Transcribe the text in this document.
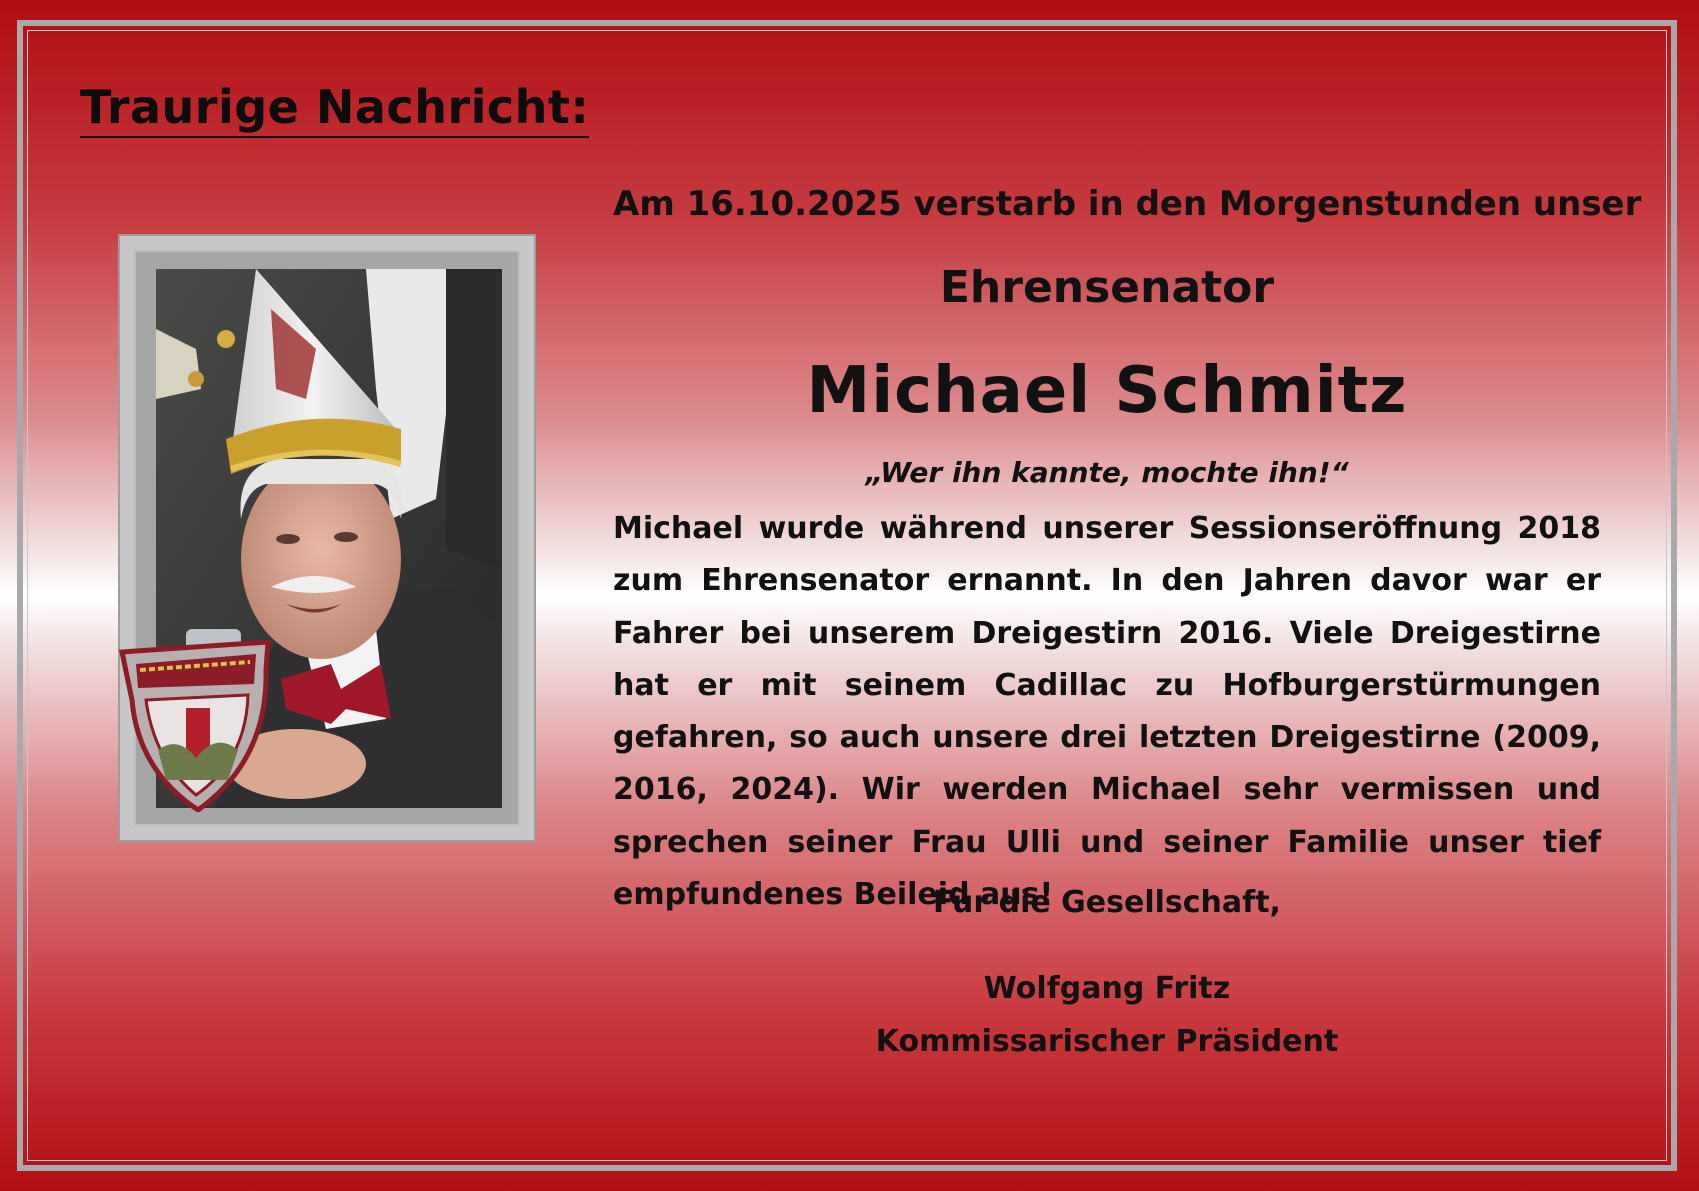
Traurige Nachricht:
Am 16.10.2025 verstarb in den Morgenstunden unser
Ehrensenator
Michael Schmitz
„Wer ihn kannte, mochte ihn!“
Michael wurde während unserer Sessionseröffnung 2018 zum Ehrensenator ernannt. In den Jahren davor war er Fahrer bei unserem Dreigestirn 2016. Viele Dreigestirne hat er mit seinem Cadillac zu Hofburgerstürmungen gefahren, so auch unsere drei letzten Dreigestirne (2009, 2016, 2024). Wir werden Michael sehr vermissen und sprechen seiner Frau Ulli und seiner Familie unser tief empfundenes Beileid aus!
Für die Gesellschaft,
Wolfgang Fritz
Kommissarischer Präsident
